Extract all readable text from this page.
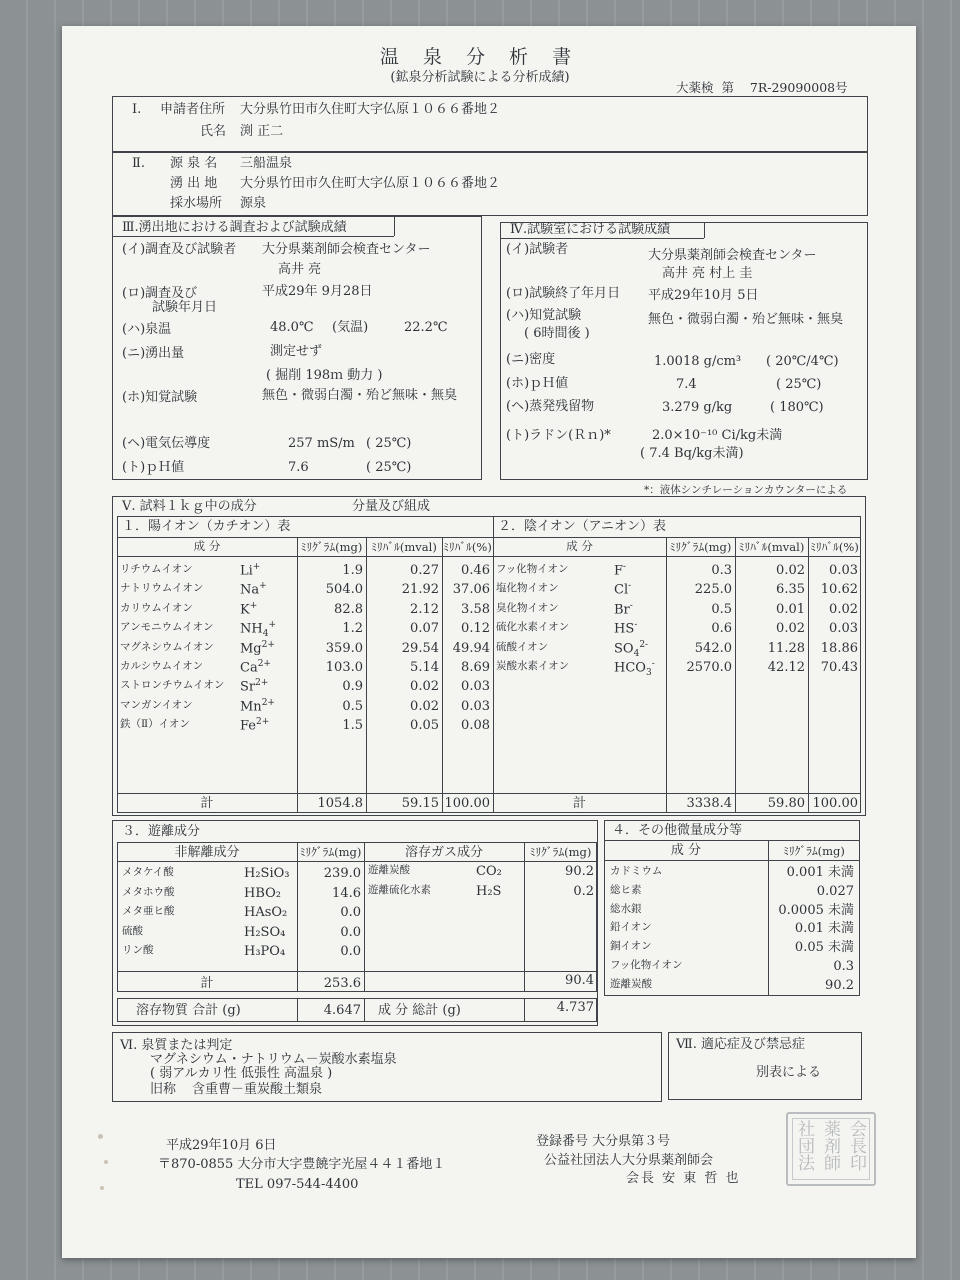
温 泉 分 析 書
(鉱泉分析試験による分析成績)
大薬検 第 7R-29090008号
Ⅰ. 申請者住所 大分県竹田市久住町大字仏原１０６６番地２
氏名 渕 正二
Ⅱ. 源 泉 名 三船温泉
湧 出 地 大分県竹田市久住町大字仏原１０６６番地２
採水場所 源泉
Ⅲ.湧出地における調査および試験成績
(イ)調査及び試験者 大分県薬剤師会検査センター
高井 亮
(ロ)調査及び
試験年月日
平成29年 9月28日
(ハ)泉温	48.0℃ (気温)	22.2℃
(ニ)湧出量	測定せず
( 掘削 198ｍ 動力 )
(ホ)知覚試験	無色・微弱白濁・殆ど無味・無臭
(ヘ)電気伝導度	257 mS/m ( 25℃)
(ト)ｐＨ値	7.6	( 25℃)
Ⅳ.試験室における試験成績
(イ)試験者	大分県薬剤師会検査センター
高井 亮 村上 圭
(ロ)試験終了年月日 平成29年10月 5日
(ハ)知覚試験
( 6時間後 )
無色・微弱白濁・殆ど無味・無臭
(ニ)密度	1.0018 g/cm³ ( 20℃/4℃)
(ホ)ｐＨ値	7.4	( 25℃)
(ヘ)蒸発残留物	3.279 g/kg	( 180℃)
(ト)ラドン(Ｒｎ)*	2.0×10⁻¹⁰ Ci/kg未満
( 7.4 Bq/kg未満)
*：液体シンチレーションカウンターによる
Ⅴ. 試料１ｋｇ中の成分	分量及び組成
１．陽イオン（カチオン）表	２．陰イオン（アニオン）表
成 分	ﾐﾘｸﾞﾗﾑ(mg) ﾐﾘﾊﾞﾙ(mval) ﾐﾘﾊﾞﾙ(%)	成 分	ﾐﾘｸﾞﾗﾑ(mg) ﾐﾘﾊﾞﾙ(mval) ﾐﾘﾊﾞﾙ(%)
リチウムイオン	Li+	1.9	0.27	0.46
ナトリウムイオン	Na+	504.0	21.92	37.06
カリウムイオン	K+	82.8	2.12	3.58
アンモニウムイオン $NH_4^+$	1.2	0.07	0.12
マグネシウムイオン $Mg^{2+}$	359.0	29.54	49.94
カルシウムイオン	$Ca^{2+}$	103.0	5.14	8.69
ストロンチウムイオン $Sr^{2+}$	0.9	0.02	0.03
マンガンイオン	$Mn^{2+}$	0.5	0.02	0.03
鉄（Ⅱ）イオン	$Fe^{2+}$	1.5	0.05	0.08
フッ化物イオン	F-	0.3	0.02	0.03
塩化物イオン	Cl-	225.0	6.35	10.62
臭化物イオン	Br-	0.5	0.01	0.02
硫化水素イオン	HS-	0.6	0.02	0.03
硫酸イオン	$SO_4^{2-}$	542.0	11.28	18.86
炭酸水素イオン	$HCO_3^-$	2570.0	42.12	70.43
計	1054.8	59.15 100.00	計	3338.4	59.80 100.00
３．遊離成分
非解離成分	ﾐﾘｸﾞﾗﾑ(mg)	溶存ガス成分	ﾐﾘｸﾞﾗﾑ(mg)
メタケイ酸	H₂SiO₃	239.0
メタホウ酸	HBO₂	14.6
メタ亜ヒ酸	HAsO₂	0.0
硫酸	H₂SO₄	0.0
リン酸	H₃PO₄	0.0
遊離炭酸	CO₂	90.2
遊離硫化水素	H₂S	0.2
計	253.6	90.4
溶存物質 合計 (g)	4.647 成 分 総計 (g)	4.737
４．その他微量成分等
成 分	ﾐﾘｸﾞﾗﾑ(mg)
カドミウム	0.001 未満
総ヒ素	0.027
総水銀	0.0005 未満
鉛イオン	0.01 未満
銅イオン	0.05 未満
フッ化物イオン	0.3
遊離炭酸	90.2
Ⅵ. 泉質または判定
マグネシウム・ナトリウム－炭酸水素塩泉
( 弱アルカリ性 低張性 高温泉 )
旧称 含重曹－重炭酸土類泉
Ⅶ. 適応症及び禁忌症
別表による
平成29年10月 6日
〒870-0855 大分市大字豊饒字光屋４４１番地１
TEL 097-544-4400
登録番号 大分県第３号
公益社団法人大分県薬剤師会
会長 安 東 哲 也
会長印
薬剤師
社団法
